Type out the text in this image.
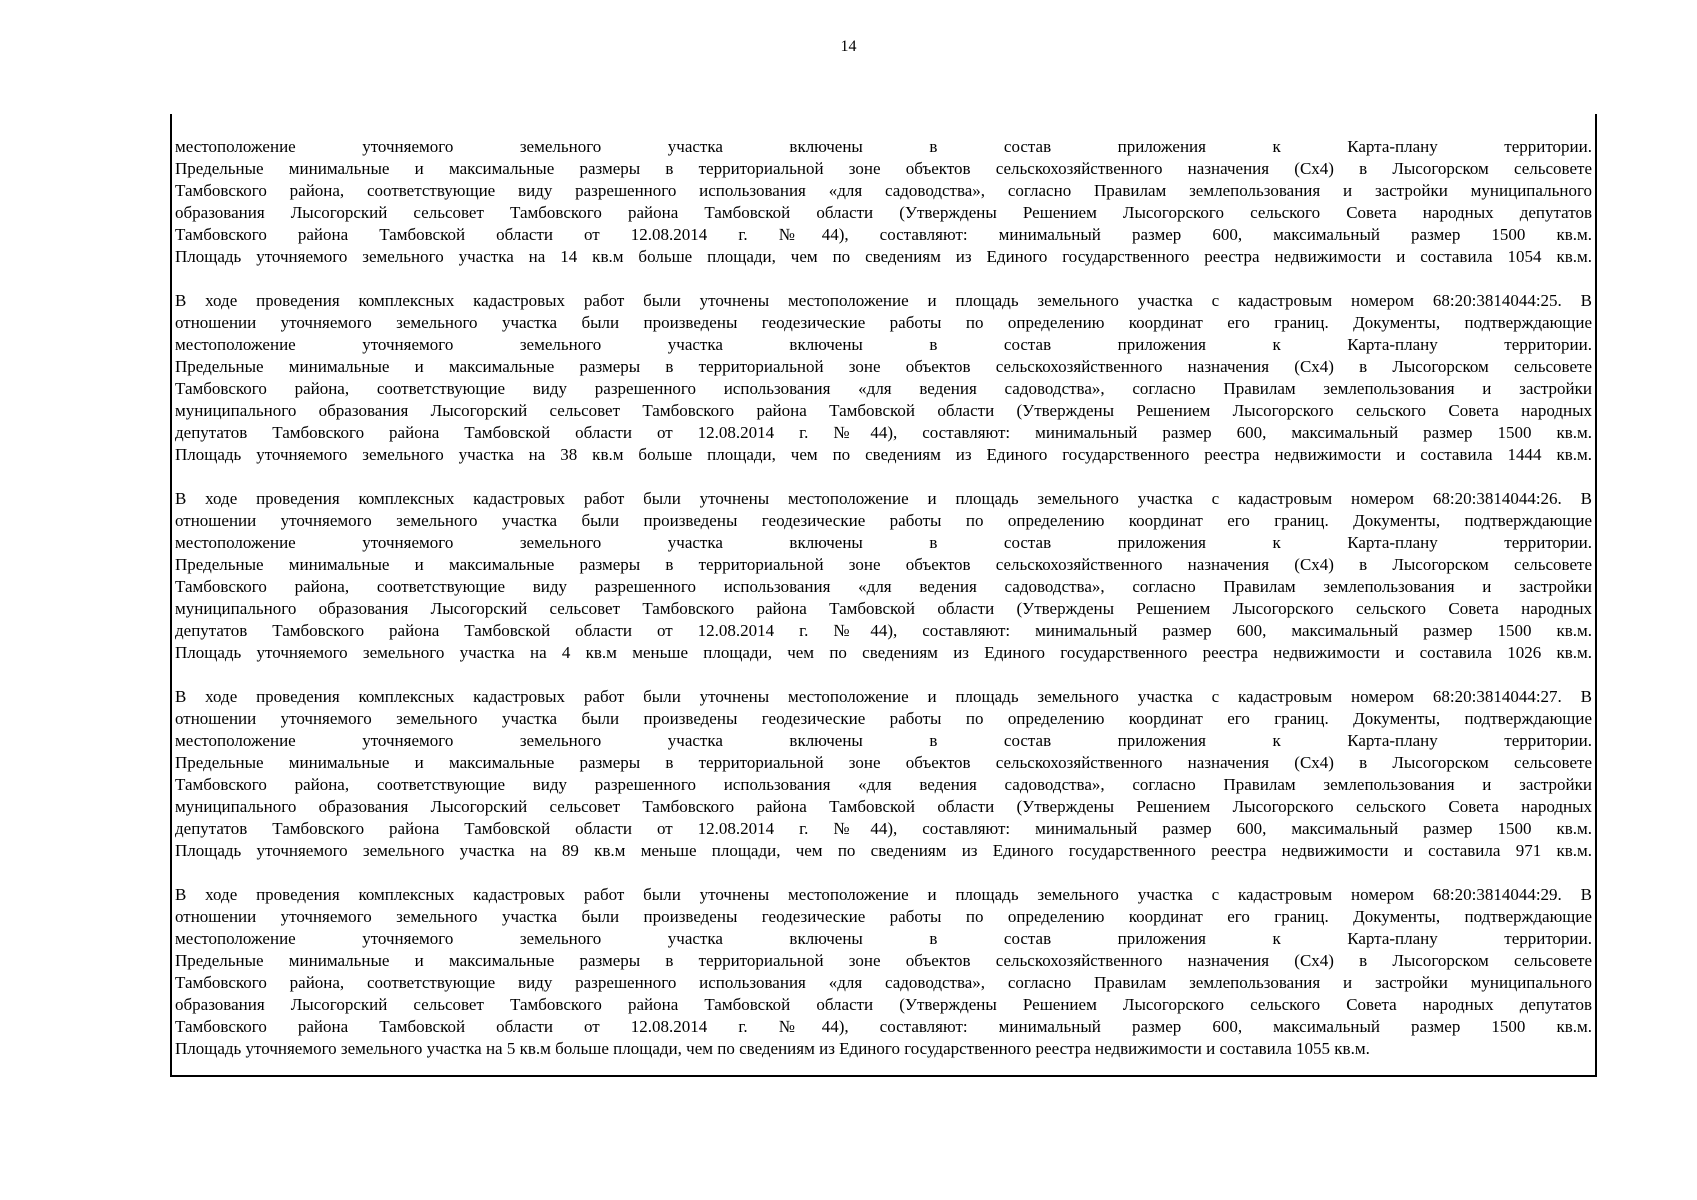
14
местоположение уточняемого земельного участка включены в состав приложения к Карта-плану территории.
Предельные минимальные и максимальные размеры в территориальной зоне объектов сельскохозяйственного назначения (Сх4) в Лысогорском сельсовете
Тамбовского района, соответствующие виду разрешенного использования «для садоводства», согласно Правилам землепользования и застройки муниципального
образования Лысогорский сельсовет Тамбовского района Тамбовской области (Утверждены Решением Лысогорского сельского Совета народных депутатов
Тамбовского района Тамбовской области от 12.08.2014 г. №44), составляют: минимальный размер 600, максимальный размер 1500 кв.м.
Площадь уточняемого земельного участка на 14 кв.м больше площади, чем по сведениям из Единого государственного реестра недвижимости и составила 1054 кв.м.
В ходе проведения комплексных кадастровых работ были уточнены местоположение и площадь земельного участка с кадастровым номером 68:20:3814044:25. В
отношении уточняемого земельного участка были произведены геодезические работы по определению координат его границ. Документы, подтверждающие
местоположение уточняемого земельного участка включены в состав приложения к Карта-плану территории.
Предельные минимальные и максимальные размеры в территориальной зоне объектов сельскохозяйственного назначения (Сх4) в Лысогорском сельсовете
Тамбовского района, соответствующие виду разрешенного использования «для ведения садоводства», согласно Правилам землепользования и застройки
муниципального образования Лысогорский сельсовет Тамбовского района Тамбовской области (Утверждены Решением Лысогорского сельского Совета народных
депутатов Тамбовского района Тамбовской области от 12.08.2014 г. №44), составляют: минимальный размер 600, максимальный размер 1500 кв.м.
Площадь уточняемого земельного участка на 38 кв.м больше площади, чем по сведениям из Единого государственного реестра недвижимости и составила 1444 кв.м.
В ходе проведения комплексных кадастровых работ были уточнены местоположение и площадь земельного участка с кадастровым номером 68:20:3814044:26. В
отношении уточняемого земельного участка были произведены геодезические работы по определению координат его границ. Документы, подтверждающие
местоположение уточняемого земельного участка включены в состав приложения к Карта-плану территории.
Предельные минимальные и максимальные размеры в территориальной зоне объектов сельскохозяйственного назначения (Сх4) в Лысогорском сельсовете
Тамбовского района, соответствующие виду разрешенного использования «для ведения садоводства», согласно Правилам землепользования и застройки
муниципального образования Лысогорский сельсовет Тамбовского района Тамбовской области (Утверждены Решением Лысогорского сельского Совета народных
депутатов Тамбовского района Тамбовской области от 12.08.2014 г. №44), составляют: минимальный размер 600, максимальный размер 1500 кв.м.
Площадь уточняемого земельного участка на 4 кв.м меньше площади, чем по сведениям из Единого государственного реестра недвижимости и составила 1026 кв.м.
В ходе проведения комплексных кадастровых работ были уточнены местоположение и площадь земельного участка с кадастровым номером 68:20:3814044:27. В
отношении уточняемого земельного участка были произведены геодезические работы по определению координат его границ. Документы, подтверждающие
местоположение уточняемого земельного участка включены в состав приложения к Карта-плану территории.
Предельные минимальные и максимальные размеры в территориальной зоне объектов сельскохозяйственного назначения (Сх4) в Лысогорском сельсовете
Тамбовского района, соответствующие виду разрешенного использования «для ведения садоводства», согласно Правилам землепользования и застройки
муниципального образования Лысогорский сельсовет Тамбовского района Тамбовской области (Утверждены Решением Лысогорского сельского Совета народных
депутатов Тамбовского района Тамбовской области от 12.08.2014 г. №44), составляют: минимальный размер 600, максимальный размер 1500 кв.м.
Площадь уточняемого земельного участка на 89 кв.м меньше площади, чем по сведениям из Единого государственного реестра недвижимости и составила 971 кв.м.
В ходе проведения комплексных кадастровых работ были уточнены местоположение и площадь земельного участка с кадастровым номером 68:20:3814044:29. В
отношении уточняемого земельного участка были произведены геодезические работы по определению координат его границ. Документы, подтверждающие
местоположение уточняемого земельного участка включены в состав приложения к Карта-плану территории.
Предельные минимальные и максимальные размеры в территориальной зоне объектов сельскохозяйственного назначения (Сх4) в Лысогорском сельсовете
Тамбовского района, соответствующие виду разрешенного использования «для садоводства», согласно Правилам землепользования и застройки муниципального
образования Лысогорский сельсовет Тамбовского района Тамбовской области (Утверждены Решением Лысогорского сельского Совета народных депутатов
Тамбовского района Тамбовской области от 12.08.2014 г. №44), составляют: минимальный размер 600, максимальный размер 1500 кв.м.
Площадь уточняемого земельного участка на 5 кв.м больше площади, чем по сведениям из Единого государственного реестра недвижимости и составила 1055 кв.м.
